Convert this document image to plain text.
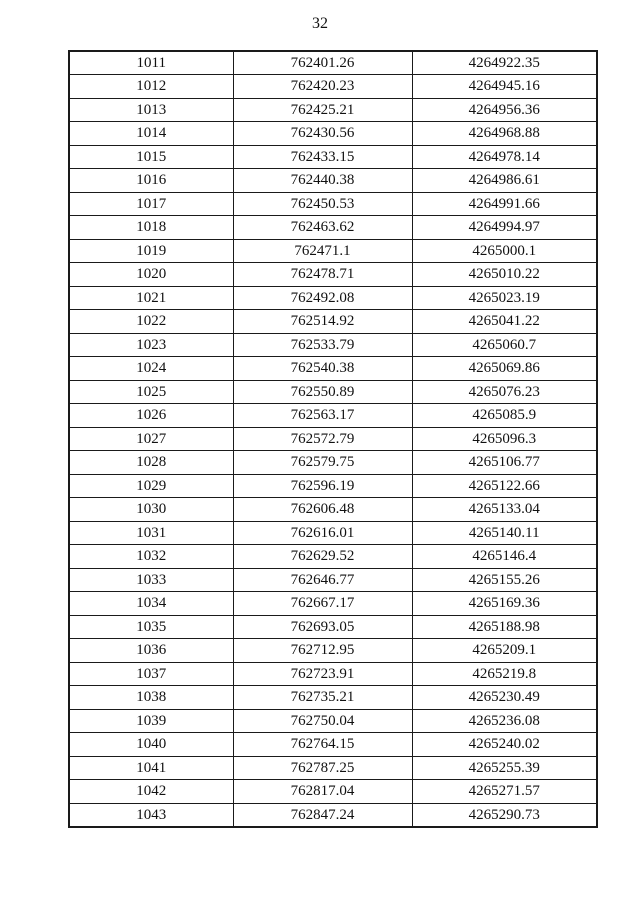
32
1011	762401.26	4264922.35
1012	762420.23	4264945.16
1013	762425.21	4264956.36
1014	762430.56	4264968.88
1015	762433.15	4264978.14
1016	762440.38	4264986.61
1017	762450.53	4264991.66
1018	762463.62	4264994.97
1019	762471.1	4265000.1
1020	762478.71	4265010.22
1021	762492.08	4265023.19
1022	762514.92	4265041.22
1023	762533.79	4265060.7
1024	762540.38	4265069.86
1025	762550.89	4265076.23
1026	762563.17	4265085.9
1027	762572.79	4265096.3
1028	762579.75	4265106.77
1029	762596.19	4265122.66
1030	762606.48	4265133.04
1031	762616.01	4265140.11
1032	762629.52	4265146.4
1033	762646.77	4265155.26
1034	762667.17	4265169.36
1035	762693.05	4265188.98
1036	762712.95	4265209.1
1037	762723.91	4265219.8
1038	762735.21	4265230.49
1039	762750.04	4265236.08
1040	762764.15	4265240.02
1041	762787.25	4265255.39
1042	762817.04	4265271.57
1043	762847.24	4265290.73
